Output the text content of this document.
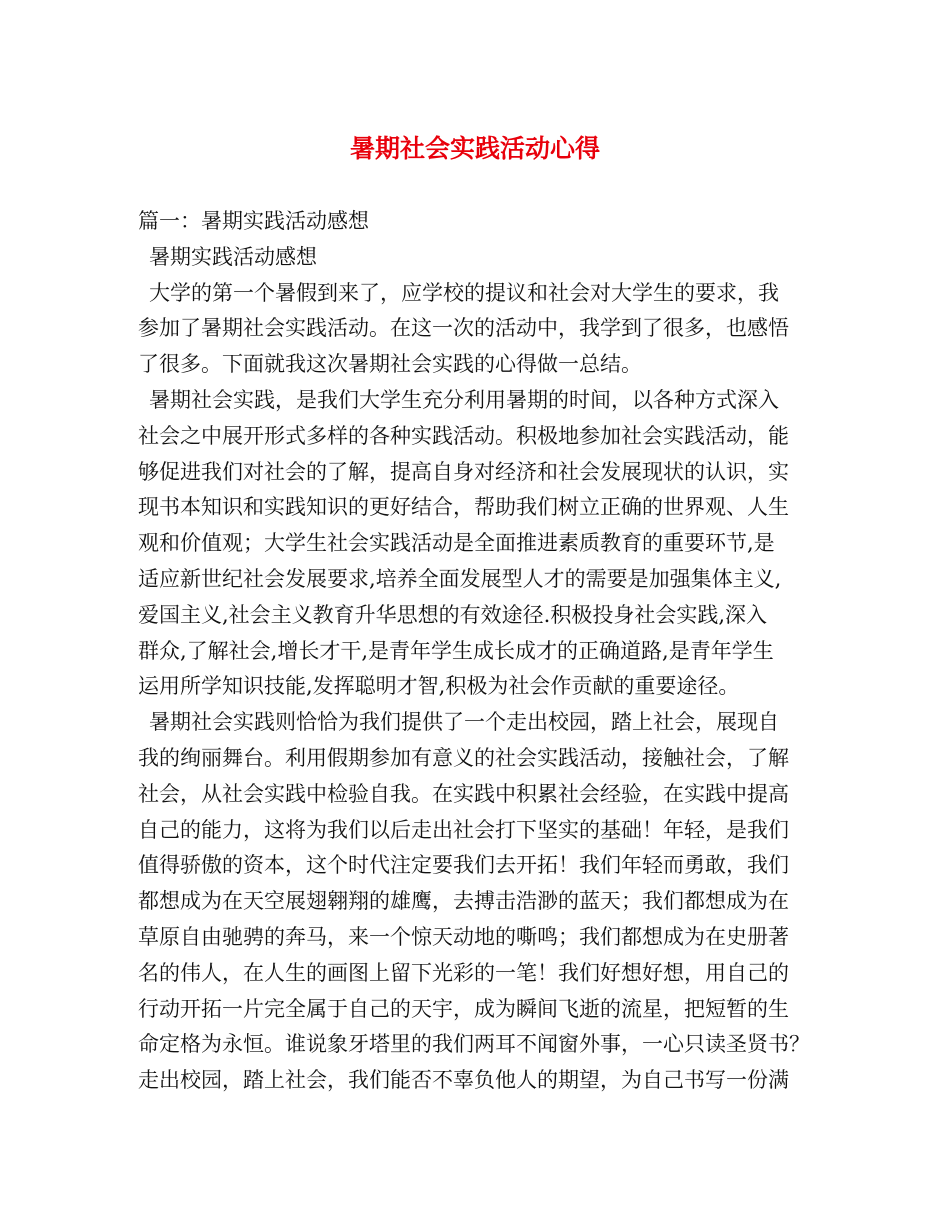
暑期社会实践活动心得
篇一：暑期实践活动感想
暑期实践活动感想
大学的第一个暑假到来了，应学校的提议和社会对大学生的要求，我
参加了暑期社会实践活动。在这一次的活动中，我学到了很多，也感悟
了很多。下面就我这次暑期社会实践的心得做一总结。
暑期社会实践，是我们大学生充分利用暑期的时间，以各种方式深入
社会之中展开形式多样的各种实践活动。积极地参加社会实践活动，能
够促进我们对社会的了解，提高自身对经济和社会发展现状的认识，实
现书本知识和实践知识的更好结合，帮助我们树立正确的世界观、人生
观和价值观；大学生社会实践活动是全面推进素质教育的重要环节,是
适应新世纪社会发展要求,培养全面发展型人才的需要是加强集体主义,
爱国主义,社会主义教育升华思想的有效途径.积极投身社会实践,深入
群众,了解社会,增长才干,是青年学生成长成才的正确道路,是青年学生
运用所学知识技能,发挥聪明才智,积极为社会作贡献的重要途径。
暑期社会实践则恰恰为我们提供了一个走出校园，踏上社会，展现自
我的绚丽舞台。利用假期参加有意义的社会实践活动，接触社会，了解
社会，从社会实践中检验自我。在实践中积累社会经验，在实践中提高
自己的能力，这将为我们以后走出社会打下坚实的基础！年轻，是我们
值得骄傲的资本，这个时代注定要我们去开拓！我们年轻而勇敢，我们
都想成为在天空展翅翱翔的雄鹰，去搏击浩渺的蓝天；我们都想成为在
草原自由驰骋的奔马，来一个惊天动地的嘶鸣；我们都想成为在史册著
名的伟人，在人生的画图上留下光彩的一笔！我们好想好想，用自己的
行动开拓一片完全属于自己的天宇，成为瞬间飞逝的流星，把短暂的生
命定格为永恒。谁说象牙塔里的我们两耳不闻窗外事，一心只读圣贤书？
走出校园，踏上社会，我们能否不辜负他人的期望，为自己书写一份满
